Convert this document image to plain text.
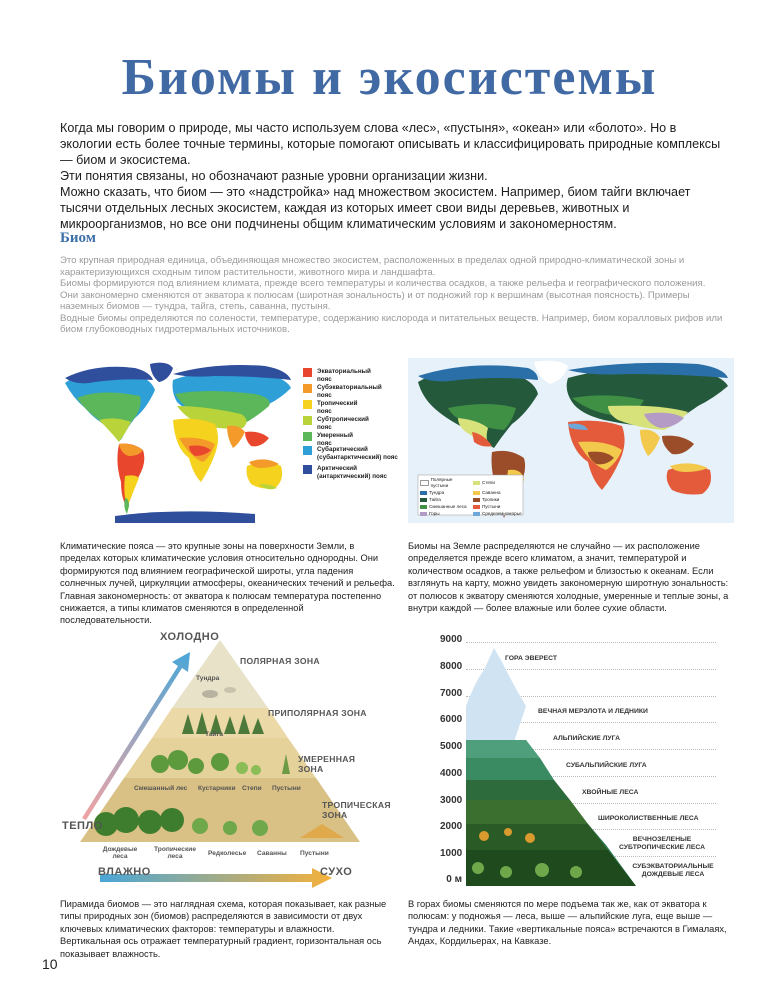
Биомы и экосистемы

Когда мы говорим о природе, мы часто используем слова «лес», «пустыня», «океан» или «болото». Но в экологии есть более точные термины, которые помогают описывать и классифицировать природные комплексы — биом и экосистема.

Эти понятия связаны, но обозначают разные уровни организации жизни.

Можно сказать, что биом — это «надстройка» над множеством экосистем. Например, биом тайги включает тысячи отдельных лесных экосистем, каждая из которых имеет свои виды деревьев, животных и микроорганизмов, но все они подчинены общим климатическим условиям и закономерностям.

Биом

Это крупная природная единица, объединяющая множество экосистем, расположенных в пределах одной природно-климатической зоны и характеризующихся сходным типом растительности, животного мира и ландшафта.

Биомы формируются под влиянием климата, прежде всего температуры и количества осадков, а также рельефа и географического положения.

Они закономерно сменяются от экватора к полюсам (широтная зональность) и от подножий гор к вершинам (высотная поясность). Примеры наземных биомов — тундра, тайга, степь, саванна, пустыня.

Водные биомы определяются по солености, температуре, содержанию кислорода и питательных веществ. Например, биом коралловых рифов или биом глубоководных гидротермальных источников.

Экваториальный пояс
Субэкваториальный пояс
Тропический пояс
Субтропический пояс
Умеренный пояс
Субарктический (субантарктический) пояс
Арктический (антарктический) пояс	Полярные пустыни
Степи
Тундра	Саванна
Тайга	Тропики
Смешанные леса	Пустыни
Горы	Средиземноморье
Климатические пояса — это крупные зоны на поверхности Земли, в пределах которых климатические условия относительно однородны. Они формируются под влиянием географической широты, угла падения солнечных лучей, циркуляции атмосферы, океанических течений и рельефа. Главная закономерность: от экватора к полюсам температура постепенно снижается, а типы климатов сменяются в определенной последовательности.
Биомы на Земле распределяются не случайно — их расположение определяется прежде всего климатом, а значит, температурой и количеством осадков, а также рельефом и близостью к океанам. Если взглянуть на карту, можно увидеть закономерную широтную зональность: от полюсов к экватору сменяются холодные, умеренные и теплые зоны, а внутри каждой — более влажные или более сухие области.
ХОЛОДНО
ТЕПЛО
ВЛАЖНО	СУХО
ПОЛЯРНАЯ ЗОНА
ПРИПОЛЯРНАЯ ЗОНА
УМЕРЕННАЯ ЗОНА
ТРОПИЧЕСКАЯ ЗОНА
Тундра
Тайга
Смешанный лес Кустарники Степи Пустыни
Дождевые леса
Тропические леса	Редколесье Саванны Пустыни
Пирамида биомов — это наглядная схема, которая показывает, как разные типы природных зон (биомов) распределяются в зависимости от двух ключевых климатических факторов: температуры и влажности. Вертикальная ось отражает температурный градиент, горизонтальная ось показывает влажность.
9000
8000
7000
6000
5000
4000
3000
2000
1000
0 м
ГОРА ЭВЕРЕСТ
ВЕЧНАЯ МЕРЗЛОТА И ЛЕДНИКИ
АЛЬПИЙСКИЕ ЛУГА
СУБАЛЬПИЙСКИЕ ЛУГА
ХВОЙНЫЕ ЛЕСА
ШИРОКОЛИСТВЕННЫЕ ЛЕСА
ВЕЧНОЗЕЛЕНЫЕ СУБТРОПИЧЕСКИЕ ЛЕСА
СУБЭКВАТОРИАЛЬНЫЕ ДОЖДЕВЫЕ ЛЕСА
В горах биомы сменяются по мере подъема так же, как от экватора к полюсам: у подножья — леса, выше — альпийские луга, еще выше — тундра и ледники. Такие «вертикальные пояса» встречаются в Гималаях, Андах, Кордильерах, на Кавказе.
10
